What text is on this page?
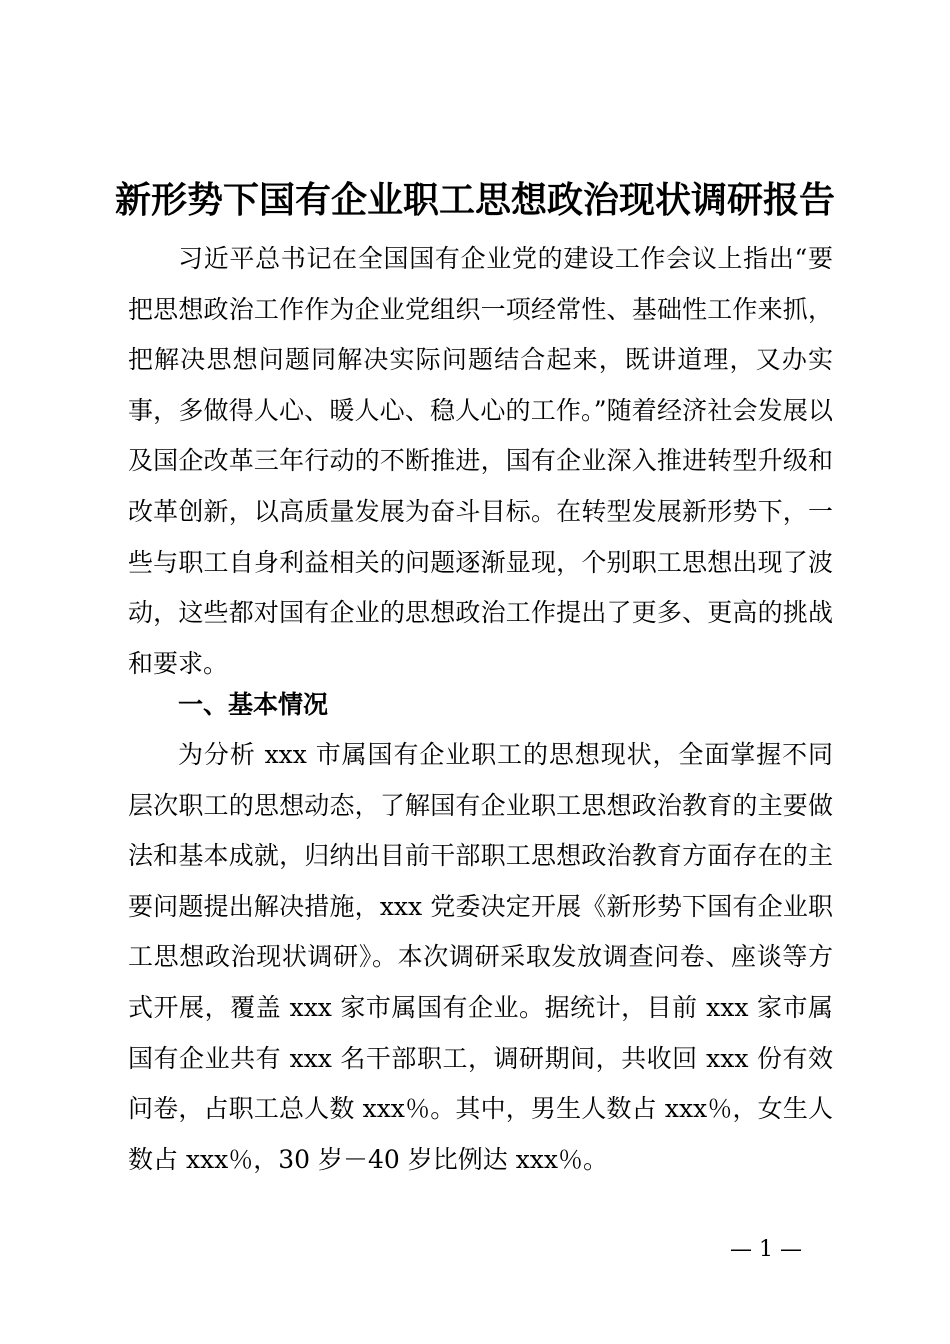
新形势下国有企业职工思想政治现状调研报告

习近平总书记在全国国有企业党的建设工作会议上指出“要把思想政治工作作为企业党组织一项经常性、基础性工作来抓，把解决思想问题同解决实际问题结合起来，既讲道理，又办实事，多做得人心、暖人心、稳人心的工作。”随着经济社会发展以及国企改革三年行动的不断推进，国有企业深入推进转型升级和改革创新，以高质量发展为奋斗目标。在转型发展新形势下，一些与职工自身利益相关的问题逐渐显现，个别职工思想出现了波动，这些都对国有企业的思想政治工作提出了更多、更高的挑战和要求。

一、基本情况

为分析 xxx 市属国有企业职工的思想现状，全面掌握不同层次职工的思想动态，了解国有企业职工思想政治教育的主要做法和基本成就，归纳出目前干部职工思想政治教育方面存在的主要问题提出解决措施，xxx 党委决定开展《新形势下国有企业职工思想政治现状调研》。本次调研采取发放调查问卷、座谈等方式开展，覆盖 xxx 家市属国有企业。据统计，目前 xxx 家市属国有企业共有 xxx 名干部职工，调研期间，共收回 xxx 份有效问卷，占职工总人数 xxx％。其中，男生人数占 xxx％，女生人数占 xxx％，30 岁－40 岁比例达 xxx％。

— 1 —
